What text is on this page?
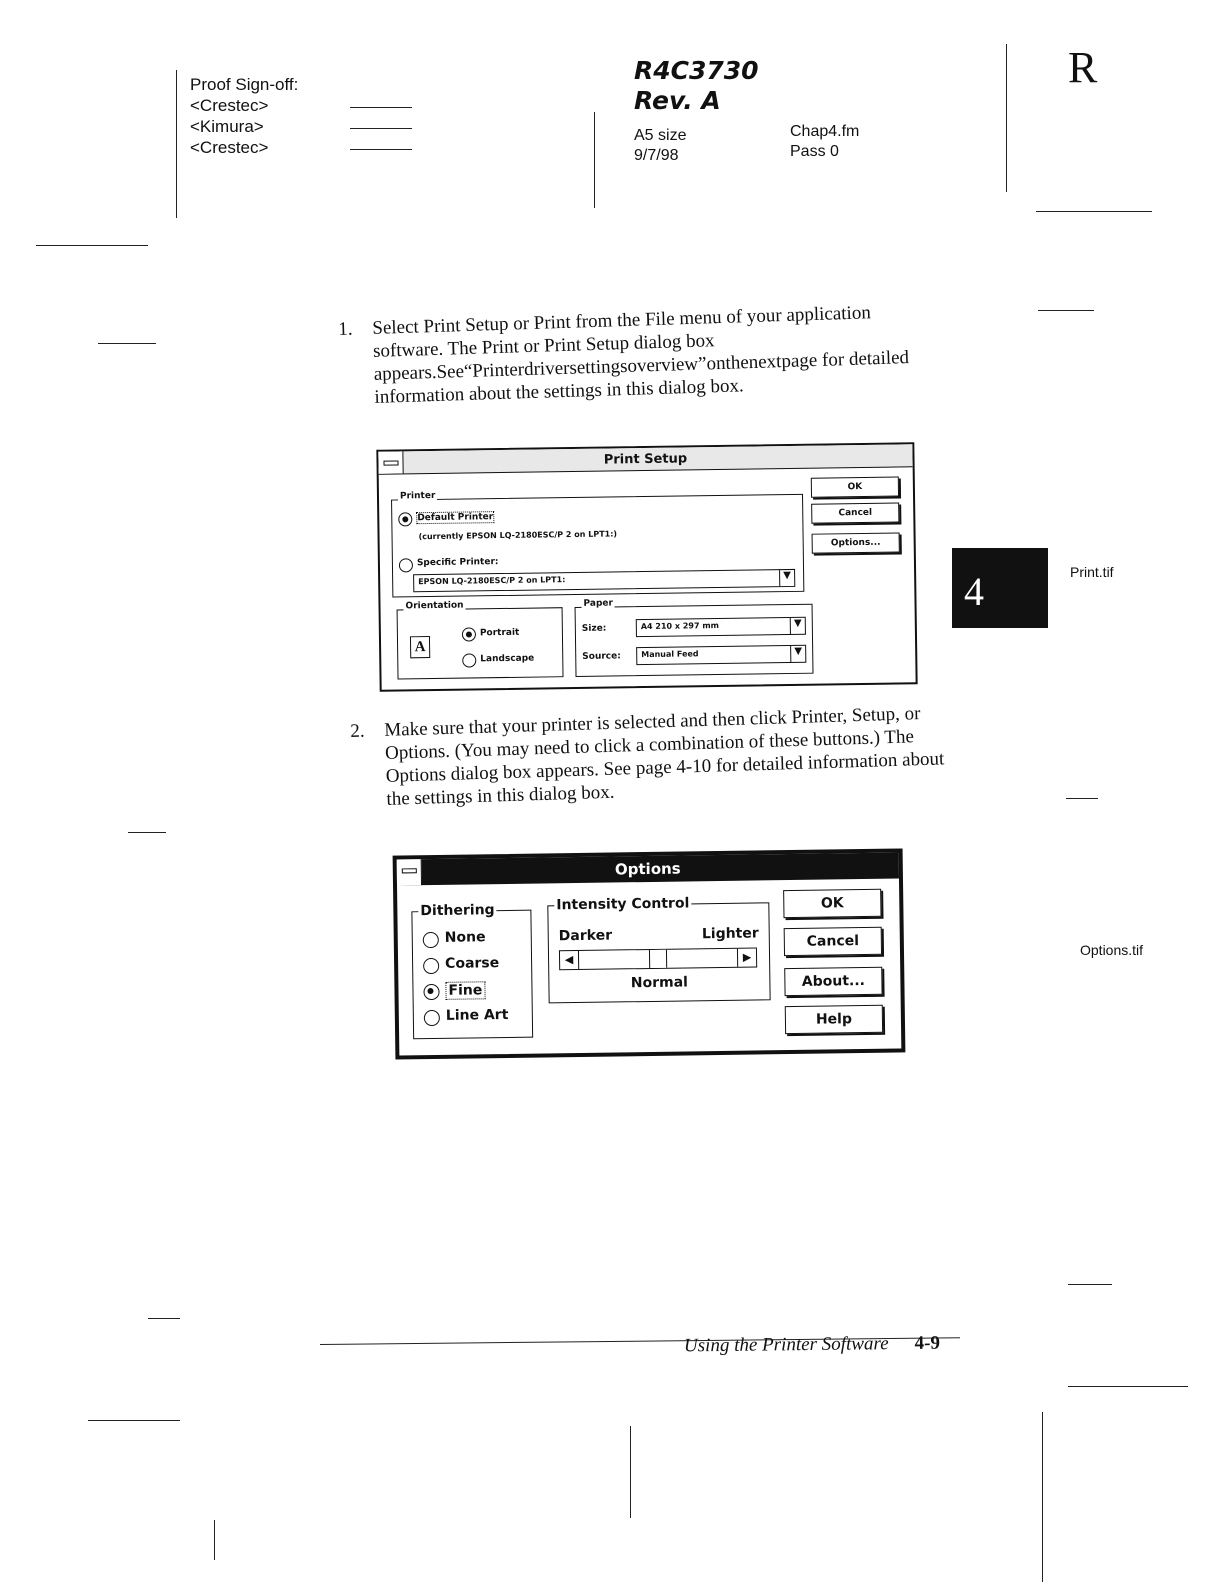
Proof Sign-off:
<Crestec>
<Kimura>
<Crestec>
R4C3730
Rev. A
A5 size
9/7/98
Chap4.fm
Pass 0
R
1. Select Print Setup or Print from the File menu of your application software. The Print or Print Setup dialog box appears.See“Printerdriversettingsoverview”onthenextpage for detailed information about the settings in this dialog box.
Print Setup
OK
Cancel
Options...
Printer
Default Printer
(currently EPSON LQ-2180ESC/P 2 on LPT1:)
Specific Printer:
EPSON LQ-2180ESC/P 2 on LPT1:	▼
Orientation
A
Portrait
Landscape
Paper
Size:	A4 210 x 297 mm	▼
Source:	Manual Feed	▼
4	Print.tif
Options.tif
2. Make sure that your printer is selected and then click Printer, Setup, or Options. (You may need to click a combination of these buttons.) The Options dialog box appears. See page 4-10 for detailed information about the settings in this dialog box.
Options
Dithering
None
Coarse
Fine
Line Art
Intensity Control
Darker	Lighter
◀	▶
Normal
OK
Cancel
About...
Help
Using the Printer Software 4-9
